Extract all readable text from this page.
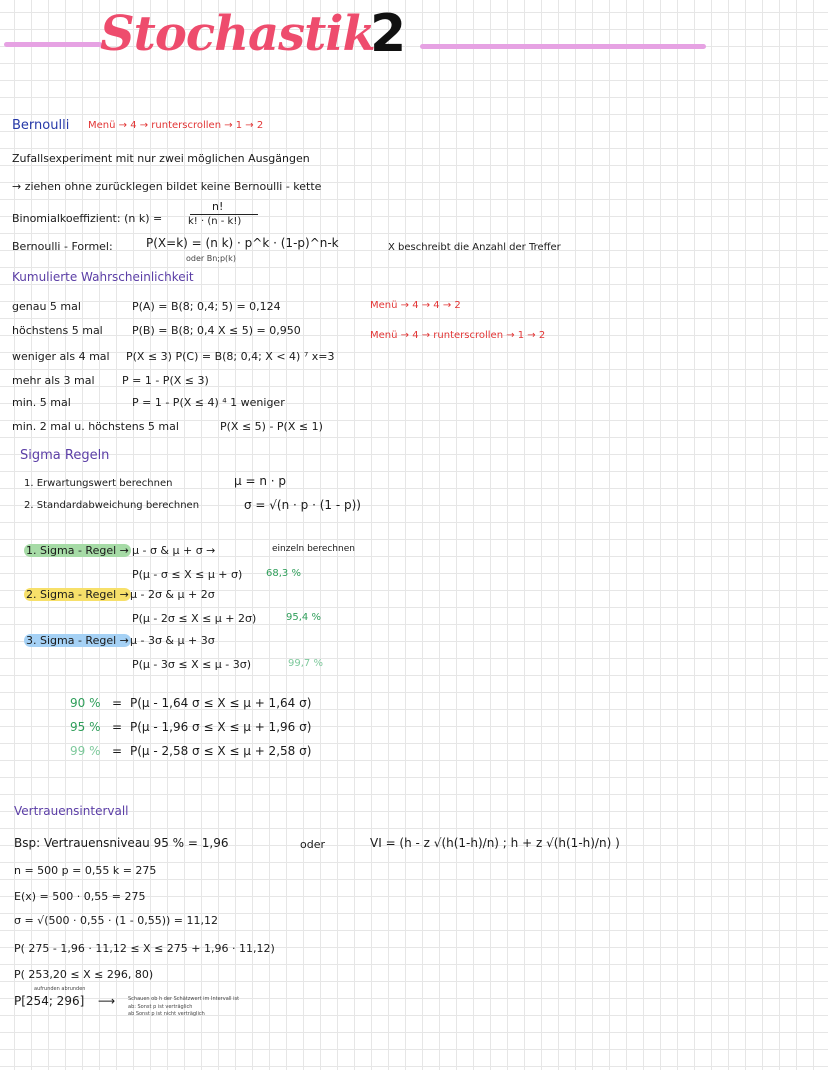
Stochastik
2
Bernoulli Menü → 4 → runterscrollen → 1 → 2
Zufallsexperiment mit nur zwei möglichen Ausgängen
→ ziehen ohne zurücklegen bildet keine Bernoulli - kette
Binomialkoeffizient: (n k) =
n!
k! · (n - k!)
Bernoulli - Formel:	P(X=k) = (n k) · p^k · (1-p)^n-k
oder Bn;p(k)
X beschreibt die Anzahl der Treffer
Kumulierte Wahrscheinlichkeit
genau 5 mal	P(A) = B(8; 0,4; 5) = 0,124
höchstens 5 mal	P(B) = B(8; 0,4 X ≤ 5) = 0,950
weniger als 4 mal P(X ≤ 3) P(C) = B(8; 0,4; X < 4) ⁷ x=3
mehr als 3 mal P = 1 - P(X ≤ 3)
min. 5 mal	P = 1 - P(X ≤ 4) ⁴ 1 weniger
min. 2 mal u. höchstens 5 mal	P(X ≤ 5) - P(X ≤ 1)
Menü → 4 → 4 → 2
Menü → 4 → runterscrollen → 1 → 2
Sigma Regeln
1. Erwartungswert berechnen	μ = n · p
2. Standardabweichung berechnen	σ = √(n · p · (1 - p))
1. Sigma - Regel → μ - σ & μ + σ →	einzeln berechnen
P(μ - σ ≤ X ≤ μ + σ) 68,3 %
2. Sigma - Regel → μ - 2σ & μ + 2σ
P(μ - 2σ ≤ X ≤ μ + 2σ)	95,4 %
3. Sigma - Regel → μ - 3σ & μ + 3σ
P(μ - 3σ ≤ X ≤ μ - 3σ)	99,7 %
90 % = P(μ - 1,64 σ ≤ X ≤ μ + 1,64 σ)
95 % = P(μ - 1,96 σ ≤ X ≤ μ + 1,96 σ)
99 % = P(μ - 2,58 σ ≤ X ≤ μ + 2,58 σ)
Vertrauensintervall
Bsp: Vertrauensniveau 95 % = 1,96	oder	VI = (h - z √(h(1-h)/n) ; h + z √(h(1-h)/n) )
n = 500 p = 0,55 k = 275
E(x) = 500 · 0,55 = 275
σ = √(500 · 0,55 · (1 - 0,55)) = 11,12
P( 275 - 1,96 · 11,12 ≤ X ≤ 275 + 1,96 · 11,12)
P( 253,20 ≤ X ≤ 296, 80)
aufrunden abrunden
P[254; 296] ⟶	Schauen ob h der Schätzwert im Intervall ist
ab: Sonst p ist verträglich
ab Sonst p ist nicht verträglich
